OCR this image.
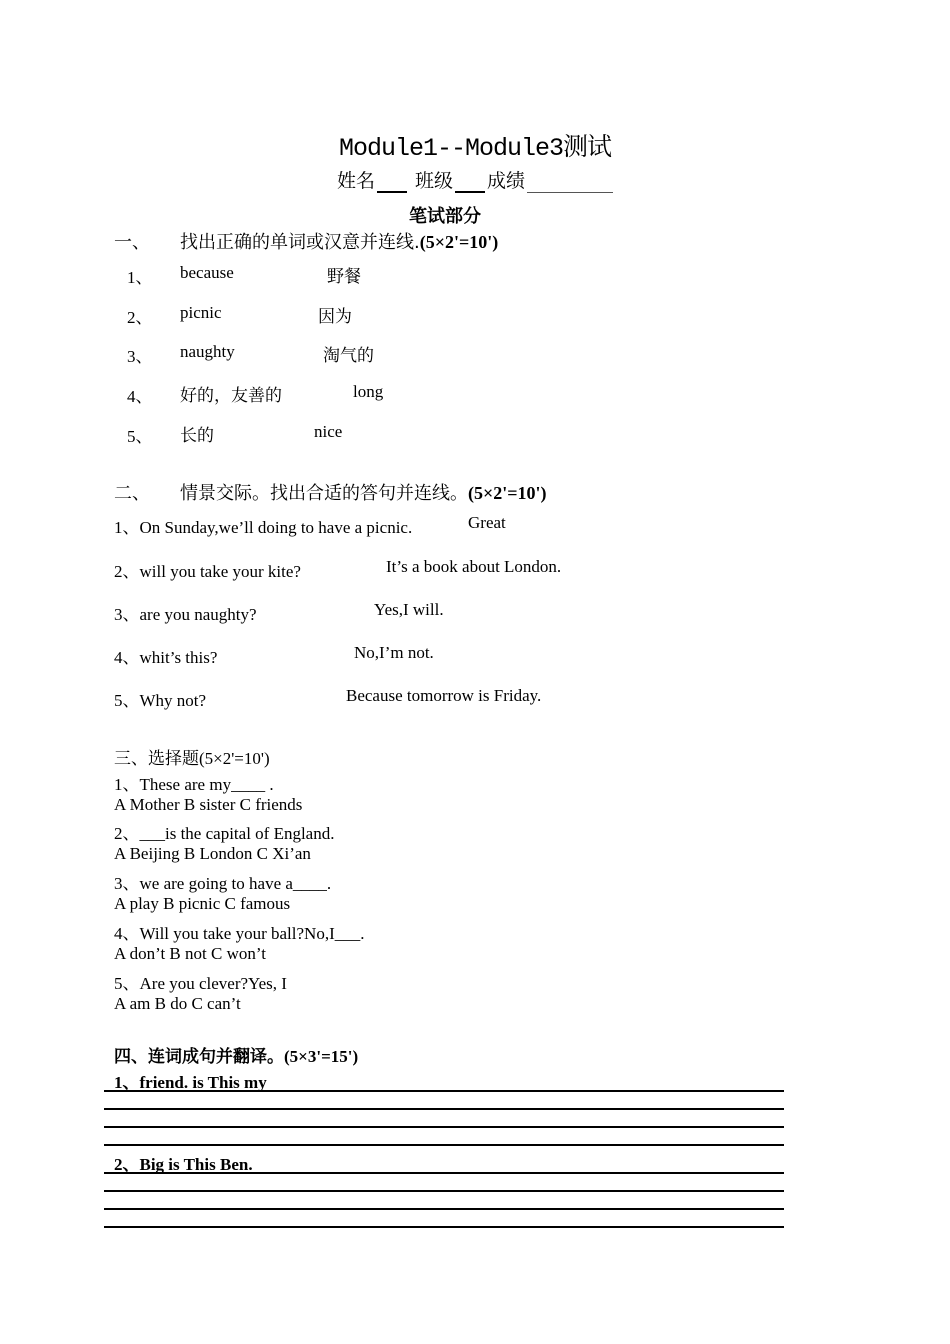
Module1--Module3测试
姓名 班级 成绩
笔试部分
一、 找出正确的单词或汉意并连线.(5×2'=10')
1、 because	野餐
2、 picnic	因为
3、 naughty	淘气的
4、 好的，友善的	long
5、 长的	nice
二、 情景交际。找出合适的答句并连线。(5×2'=10')
1、On Sunday,we’ll doing to have a picnic.	Great
2、will you take your kite?	It’s a book about London.
3、are you naughty?	Yes,I will.
4、whit’s this?	No,I’m not.
5、Why not?	Because tomorrow is Friday.
三、选择题(5×2'=10')
1、These are my____ .
A Mother B sister C friends
2、___is the capital of England.
A Beijing B London C Xi’an
3、we are going to have a____.
A play B picnic C famous
4、Will you take your ball?No,I___.
A don’t B not C won’t
5、Are you clever?Yes, I
A am B do C can’t
四、连词成句并翻译。(5×3'=15')
1、friend. is This my
2、Big is This Ben.
